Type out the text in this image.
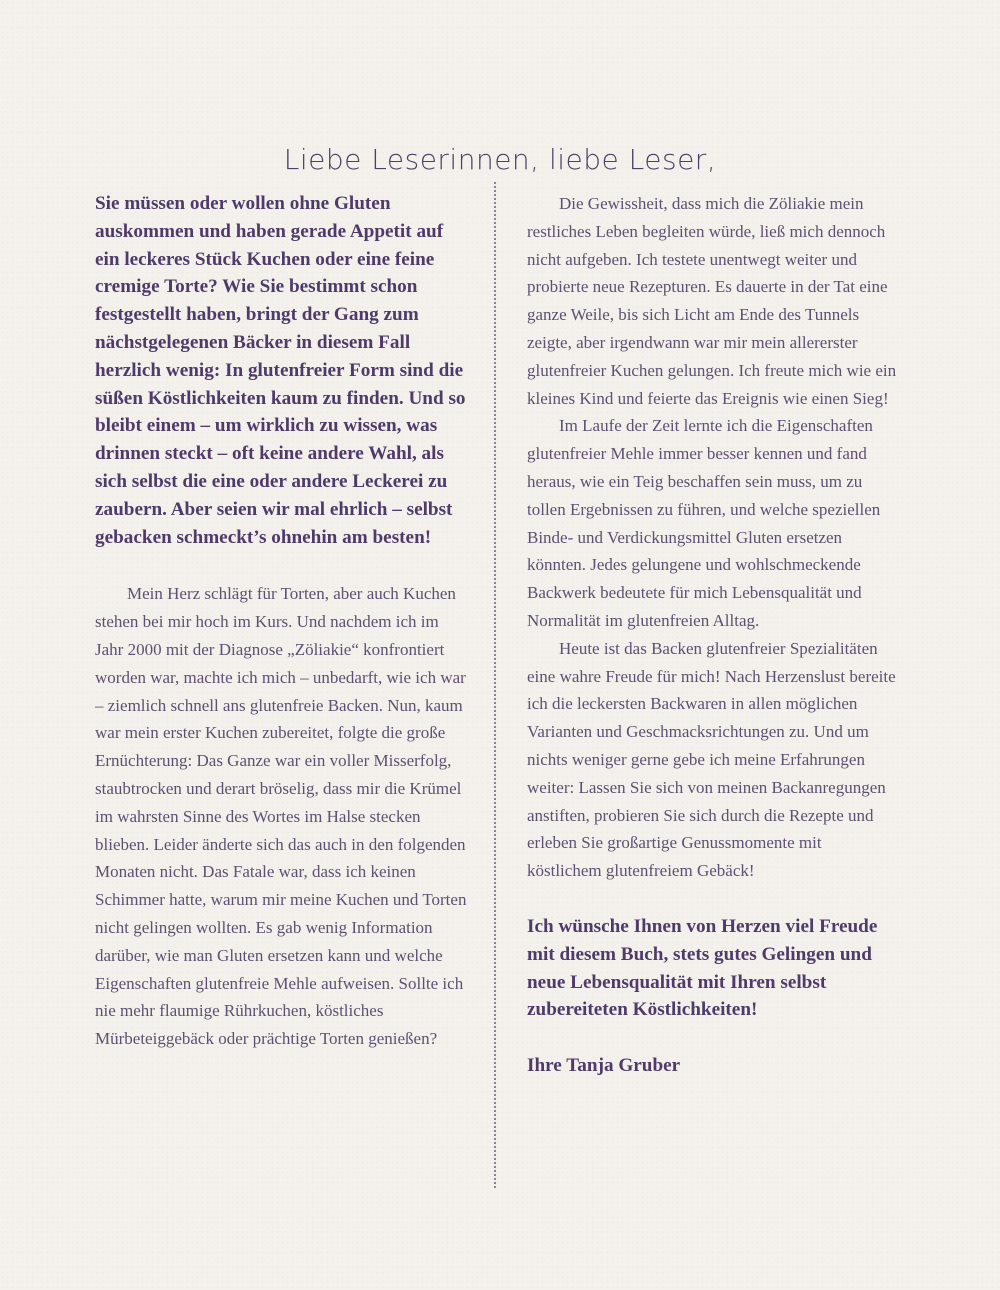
Liebe Leserinnen, liebe Leser,

Sie müssen oder wollen ohne Gluten auskommen und haben gerade Appetit auf ein leckeres Stück Kuchen oder eine feine cremige Torte? Wie Sie bestimmt schon festgestellt haben, bringt der Gang zum nächstgelegenen Bäcker in diesem Fall herzlich wenig: In glutenfreier Form sind die süßen Köstlichkeiten kaum zu finden. Und so bleibt einem – um wirklich zu wissen, was drinnen steckt – oft keine andere Wahl, als sich selbst die eine oder andere Leckerei zu zaubern. Aber seien wir mal ehrlich – selbst gebacken schmeckt’s ohnehin am besten!

Mein Herz schlägt für Torten, aber auch Kuchen stehen bei mir hoch im Kurs. Und nachdem ich im Jahr 2000 mit der Diagnose „Zöliakie“ konfrontiert worden war, machte ich mich – unbedarft, wie ich war – ziemlich schnell ans glutenfreie Backen. Nun, kaum war mein erster Kuchen zubereitet, folgte die große Ernüchterung: Das Ganze war ein voller Misserfolg, staubtrocken und derart bröselig, dass mir die Krümel im wahrsten Sinne des Wortes im Halse stecken blieben. Leider änderte sich das auch in den folgenden Monaten nicht. Das Fatale war, dass ich keinen Schimmer hatte, warum mir meine Kuchen und Torten nicht gelingen wollten. Es gab wenig Information darüber, wie man Gluten ersetzen kann und welche Eigenschaften glutenfreie Mehle aufweisen. Sollte ich nie mehr flaumige Rührkuchen, köstliches Mürbeteiggebäck oder prächtige Torten genießen?

Die Gewissheit, dass mich die Zöliakie mein restliches Leben begleiten würde, ließ mich dennoch nicht aufgeben. Ich testete unentwegt weiter und probierte neue Rezepturen. Es dauerte in der Tat eine ganze Weile, bis sich Licht am Ende des Tunnels zeigte, aber irgendwann war mir mein allererster glutenfreier Kuchen gelungen. Ich freute mich wie ein kleines Kind und feierte das Ereignis wie einen Sieg!

Im Laufe der Zeit lernte ich die Eigenschaften glutenfreier Mehle immer besser kennen und fand heraus, wie ein Teig beschaffen sein muss, um zu tollen Ergebnissen zu führen, und welche speziellen Binde- und Verdickungsmittel Gluten ersetzen könnten. Jedes gelungene und wohlschmeckende Backwerk bedeutete für mich Lebensqualität und Normalität im glutenfreien Alltag.

Heute ist das Backen glutenfreier Spezialitäten eine wahre Freude für mich! Nach Herzenslust bereite ich die leckersten Backwaren in allen möglichen Varianten und Geschmacksrichtungen zu. Und um nichts weniger gerne gebe ich meine Erfahrungen weiter: Lassen Sie sich von meinen Backanregungen anstiften, probieren Sie sich durch die Rezepte und erleben Sie großartige Genussmomente mit köstlichem glutenfreiem Gebäck!

Ich wünsche Ihnen von Herzen viel Freude mit diesem Buch, stets gutes Gelingen und neue Lebensqualität mit Ihren selbst zubereiteten Köstlichkeiten!

Ihre Tanja Gruber
